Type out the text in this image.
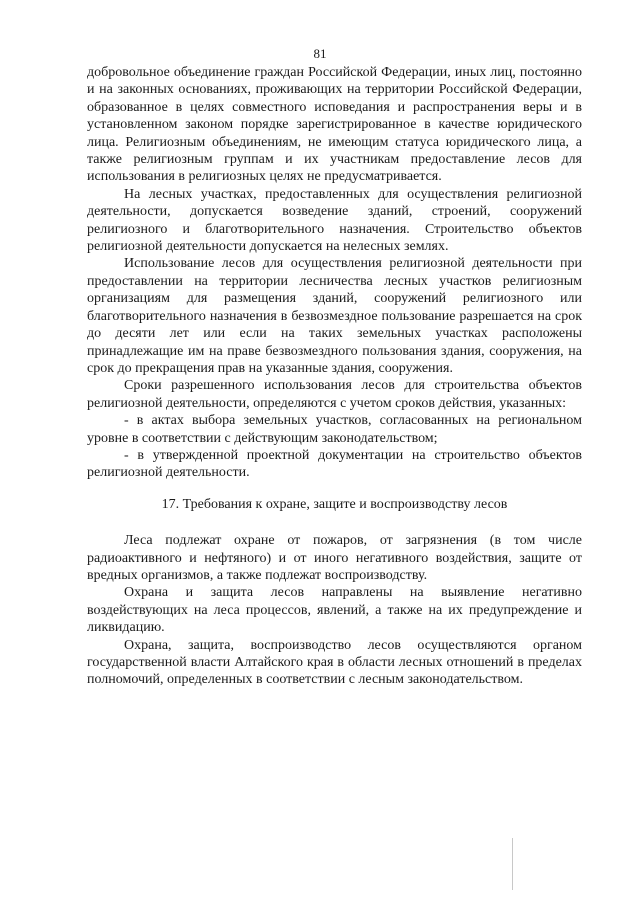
81

добровольное объединение граждан Российской Федерации, иных лиц, постоянно и на законных основаниях, проживающих на территории Российской Федерации, образованное в целях совместного исповедания и распространения веры и в установленном законом порядке зарегистрированное в качестве юридического лица. Религиозным объединениям, не имеющим статуса юридического лица, а также религиозным группам и их участникам предоставление лесов для использования в религиозных целях не предусматривается.

На лесных участках, предоставленных для осуществления религиозной деятельности, допускается возведение зданий, строений, сооружений религиозного и благотворительного назначения. Строительство объектов религиозной деятельности допускается на нелесных землях.

Использование лесов для осуществления религиозной деятельности при предоставлении на территории лесничества лесных участков религиозным организациям для размещения зданий, сооружений религиозного или благотворительного назначения в безвозмездное пользование разрешается на срок до десяти лет или если на таких земельных участках расположены принадлежащие им на праве безвозмездного пользования здания, сооружения, на срок до прекращения прав на указанные здания, сооружения.

Сроки разрешенного использования лесов для строительства объектов религиозной деятельности, определяются с учетом сроков действия, указанных:

- в актах выбора земельных участков, согласованных на региональном уровне в соответствии с действующим законодательством;

- в утвержденной проектной документации на строительство объектов религиозной деятельности.

17. Требования к охране, защите и воспроизводству лесов

Леса подлежат охране от пожаров, от загрязнения (в том числе радиоактивного и нефтяного) и от иного негативного воздействия, защите от вредных организмов, а также подлежат воспроизводству.

Охрана и защита лесов направлены на выявление негативно воздействующих на леса процессов, явлений, а также на их предупреждение и ликвидацию.

Охрана, защита, воспроизводство лесов осуществляются органом государственной власти Алтайского края в области лесных отношений в пределах полномочий, определенных в соответствии с лесным законодательством.
